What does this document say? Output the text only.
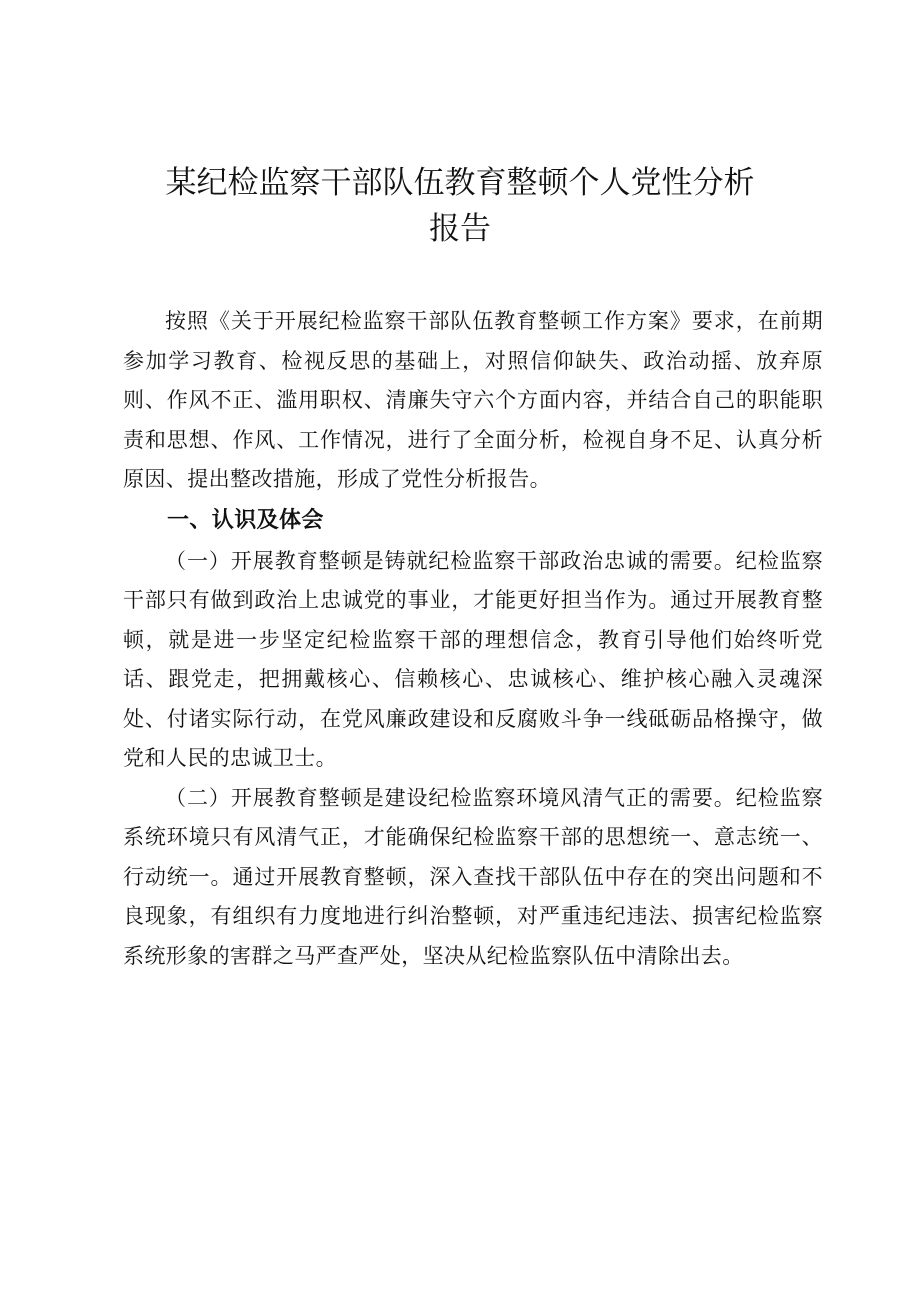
某纪检监察干部队伍教育整顿个人党性分析
报告

按照《关于开展纪检监察干部队伍教育整顿工作方案》要求，在前期参加学习教育、检视反思的基础上，对照信仰缺失、政治动摇、放弃原则、作风不正、滥用职权、清廉失守六个方面内容，并结合自己的职能职责和思想、作风、工作情况，进行了全面分析，检视自身不足、认真分析原因、提出整改措施，形成了党性分析报告。

一、认识及体会

（一）开展教育整顿是铸就纪检监察干部政治忠诚的需要。纪检监察干部只有做到政治上忠诚党的事业，才能更好担当作为。通过开展教育整顿，就是进一步坚定纪检监察干部的理想信念，教育引导他们始终听党话、跟党走，把拥戴核心、信赖核心、忠诚核心、维护核心融入灵魂深处、付诸实际行动，在党风廉政建设和反腐败斗争一线砥砺品格操守，做党和人民的忠诚卫士。

（二）开展教育整顿是建设纪检监察环境风清气正的需要。纪检监察系统环境只有风清气正，才能确保纪检监察干部的思想统一、意志统一、行动统一。通过开展教育整顿，深入查找干部队伍中存在的突出问题和不良现象，有组织有力度地进行纠治整顿，对严重违纪违法、损害纪检监察系统形象的害群之马严查严处，坚决从纪检监察队伍中清除出去。
